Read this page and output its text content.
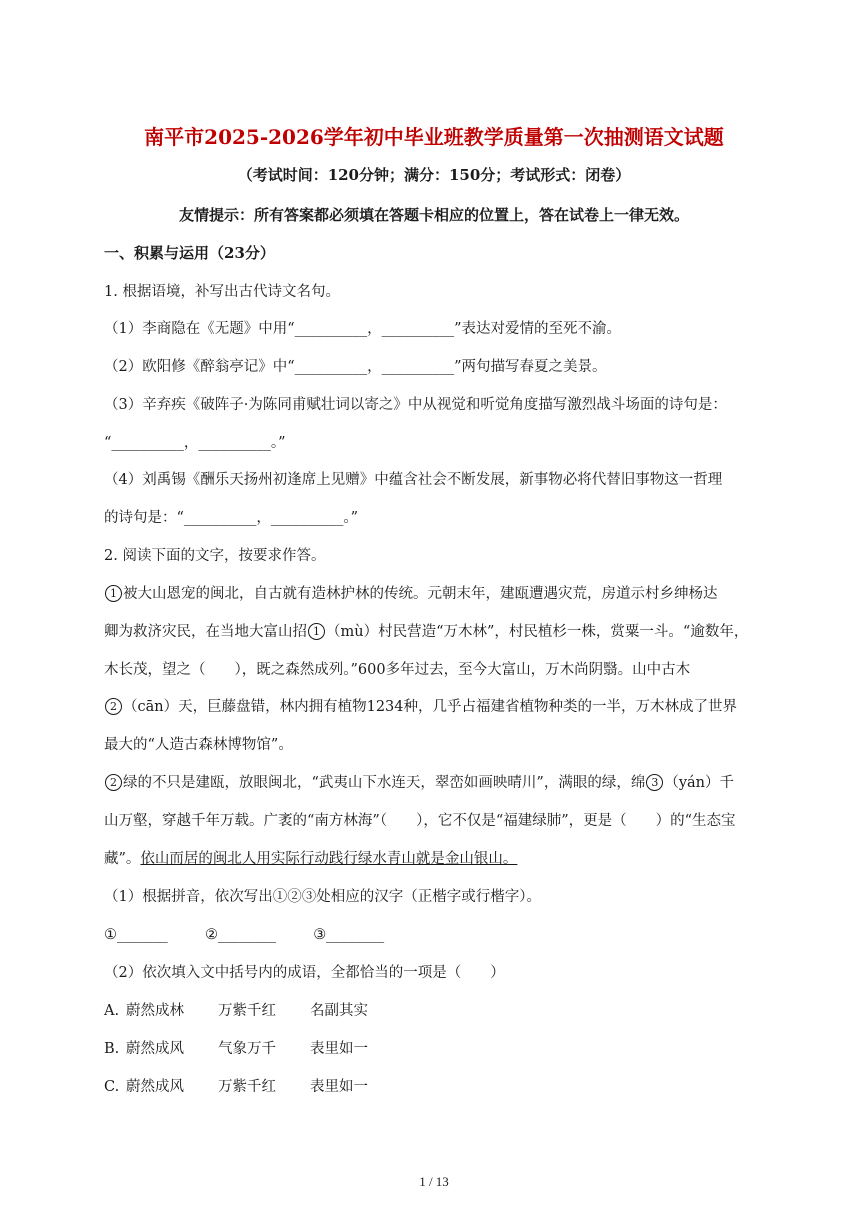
南平市2025-2026学年初中毕业班教学质量第一次抽测语文试题
（考试时间：120分钟；满分：150分；考试形式：闭卷）
友情提示：所有答案都必须填在答题卡相应的位置上，答在试卷上一律无效。
一、积累与运用（23分）
1. 根据语境，补写出古代诗文名句。
（1）李商隐在《无题》中用“__________，__________”表达对爱情的至死不渝。
（2）欧阳修《醉翁亭记》中“__________，__________”两句描写春夏之美景。
（3）辛弃疾《破阵子·为陈同甫赋壮词以寄之》中从视觉和听觉角度描写激烈战斗场面的诗句是：
“__________，__________。”
（4）刘禹锡《酬乐天扬州初逢席上见赠》中蕴含社会不断发展，新事物必将代替旧事物这一哲理
的诗句是：“__________，__________。”
2. 阅读下面的文字，按要求作答。
1 被大山恩宠的闽北，自古就有造林护林的传统。元朝末年，建瓯遭遇灾荒，房道示村乡绅杨达
卿为救济灾民，在当地大富山招 1 （mù）村民营造“万木林”，村民植杉一株，赏粟一斗。“逾数年，
木长茂，望之（　　），既之森然成列。”600多年过去，至今大富山，万木尚阴翳。山中古木
2 （cān）天，巨藤盘错，林内拥有植物1234种，几乎占福建省植物种类的一半，万木林成了世界
最大的“人造古森林博物馆”。
2 绿的不只是建瓯，放眼闽北，“武夷山下水连天，翠峦如画映晴川”，满眼的绿，绵 3 （yán）千
山万壑，穿越千年万载。广袤的“南方林海”（　　），它不仅是“福建绿肺”，更是（　　）的“生态宝
藏”。依山而居的闽北人用实际行动践行绿水青山就是金山银山。
（1）根据拼音，依次写出①②③处相应的汉字（正楷字或行楷字）。
①_______	②________	③________
（2）依次填入文中括号内的成语，全都恰当的一项是（　　）
A. 蔚然成林 万紫千红 名副其实
B. 蔚然成风 气象万千 表里如一
C. 蔚然成风 万紫千红 表里如一
1 / 13
